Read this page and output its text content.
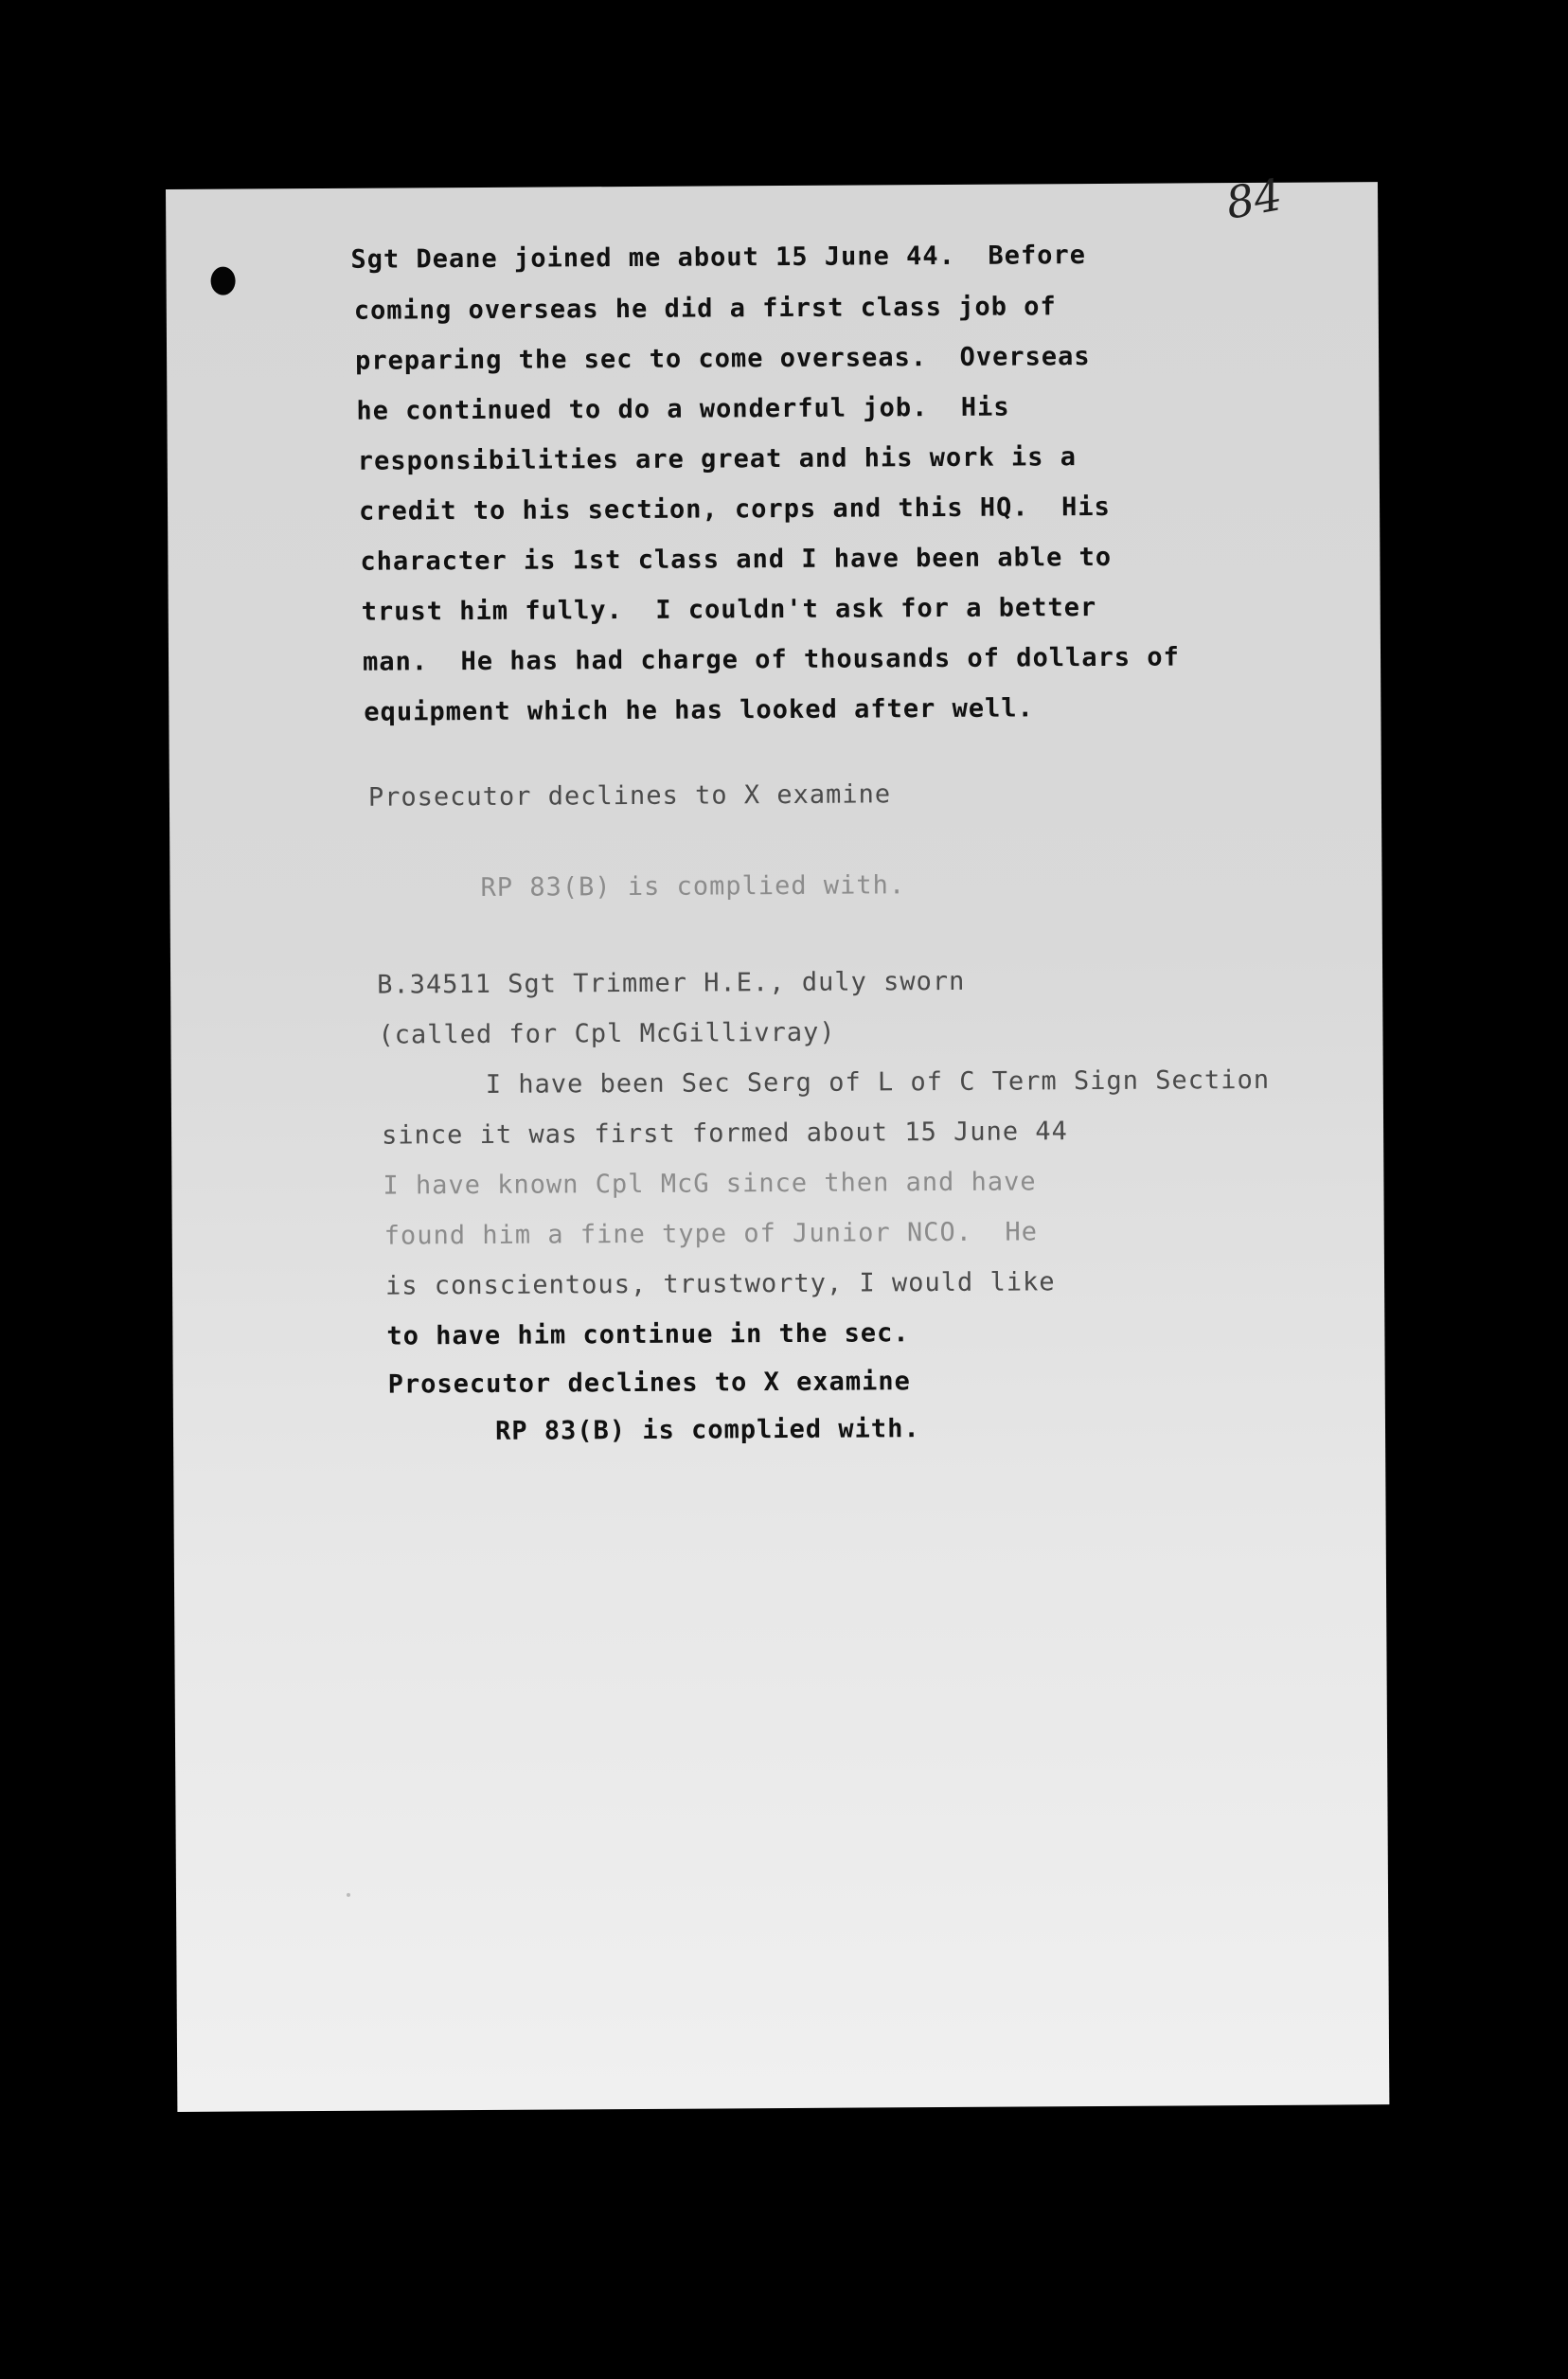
84
Sgt Deane joined me about 15 June 44.  Before
coming overseas he did a first class job of
preparing the sec to come overseas.  Overseas
he continued to do a wonderful job.  His
responsibilities are great and his work is a
credit to his section, corps and this HQ.  His
character is 1st class and I have been able to
trust him fully.  I couldn't ask for a better
man.  He has had charge of thousands of dollars of
equipment which he has looked after well.
Prosecutor declines to X examine
RP 83(B) is complied with.
B.34511 Sgt Trimmer H.E., duly sworn
(called for Cpl McGillivray)
I have been Sec Serg of L of C Term Sign Section
since it was first formed about 15 June 44
I have known Cpl McG since then and have
found him a fine type of Junior NCO.  He
is conscientous, trustworty, I would like
to have him continue in the sec.
Prosecutor declines to X examine
RP 83(B) is complied with.
